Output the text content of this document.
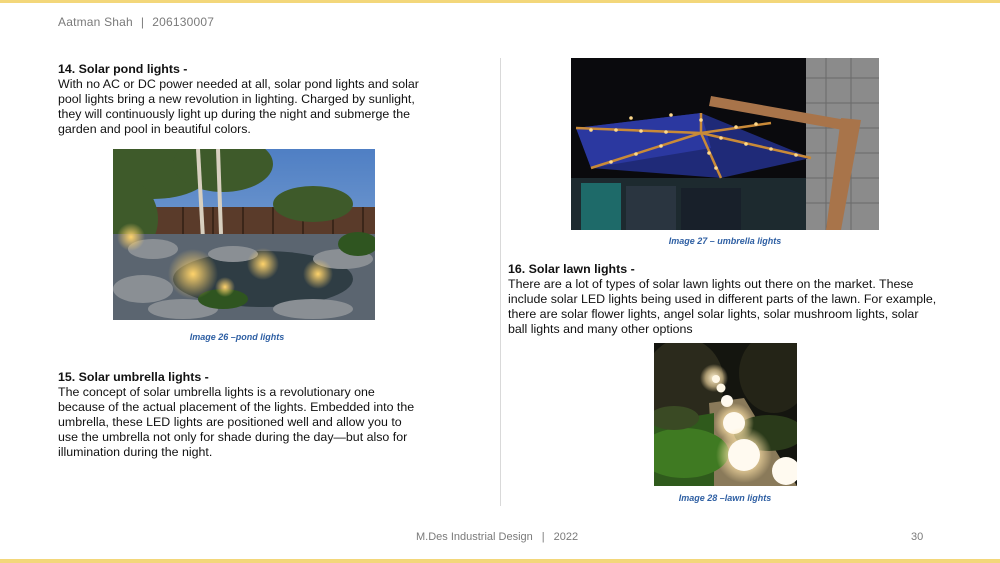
Aatman Shah | 206130007
14. Solar pond lights -

With no AC or DC power needed at all, solar pond lights and solar pool lights bring a new revolution in lighting. Charged by sunlight, they will continuously light up during the night and submerge the garden and pool in beautiful colors.

Image 26 –pond lights
15. Solar umbrella lights -

The concept of solar umbrella lights is a revolutionary one because of the actual placement of the lights. Embedded into the umbrella, these LED lights are positioned well and allow you to use the umbrella not only for shade during the day—but also for illumination during the night.

Image 27 – umbrella lights
16. Solar lawn lights -

There are a lot of types of solar lawn lights out there on the market. These include solar LED lights being used in different parts of the lawn. For example, there are solar flower lights, angel solar lights, solar mushroom lights, solar ball lights and many other options

Image 28 –lawn lights
M.Des Industrial Design | 2022	30
